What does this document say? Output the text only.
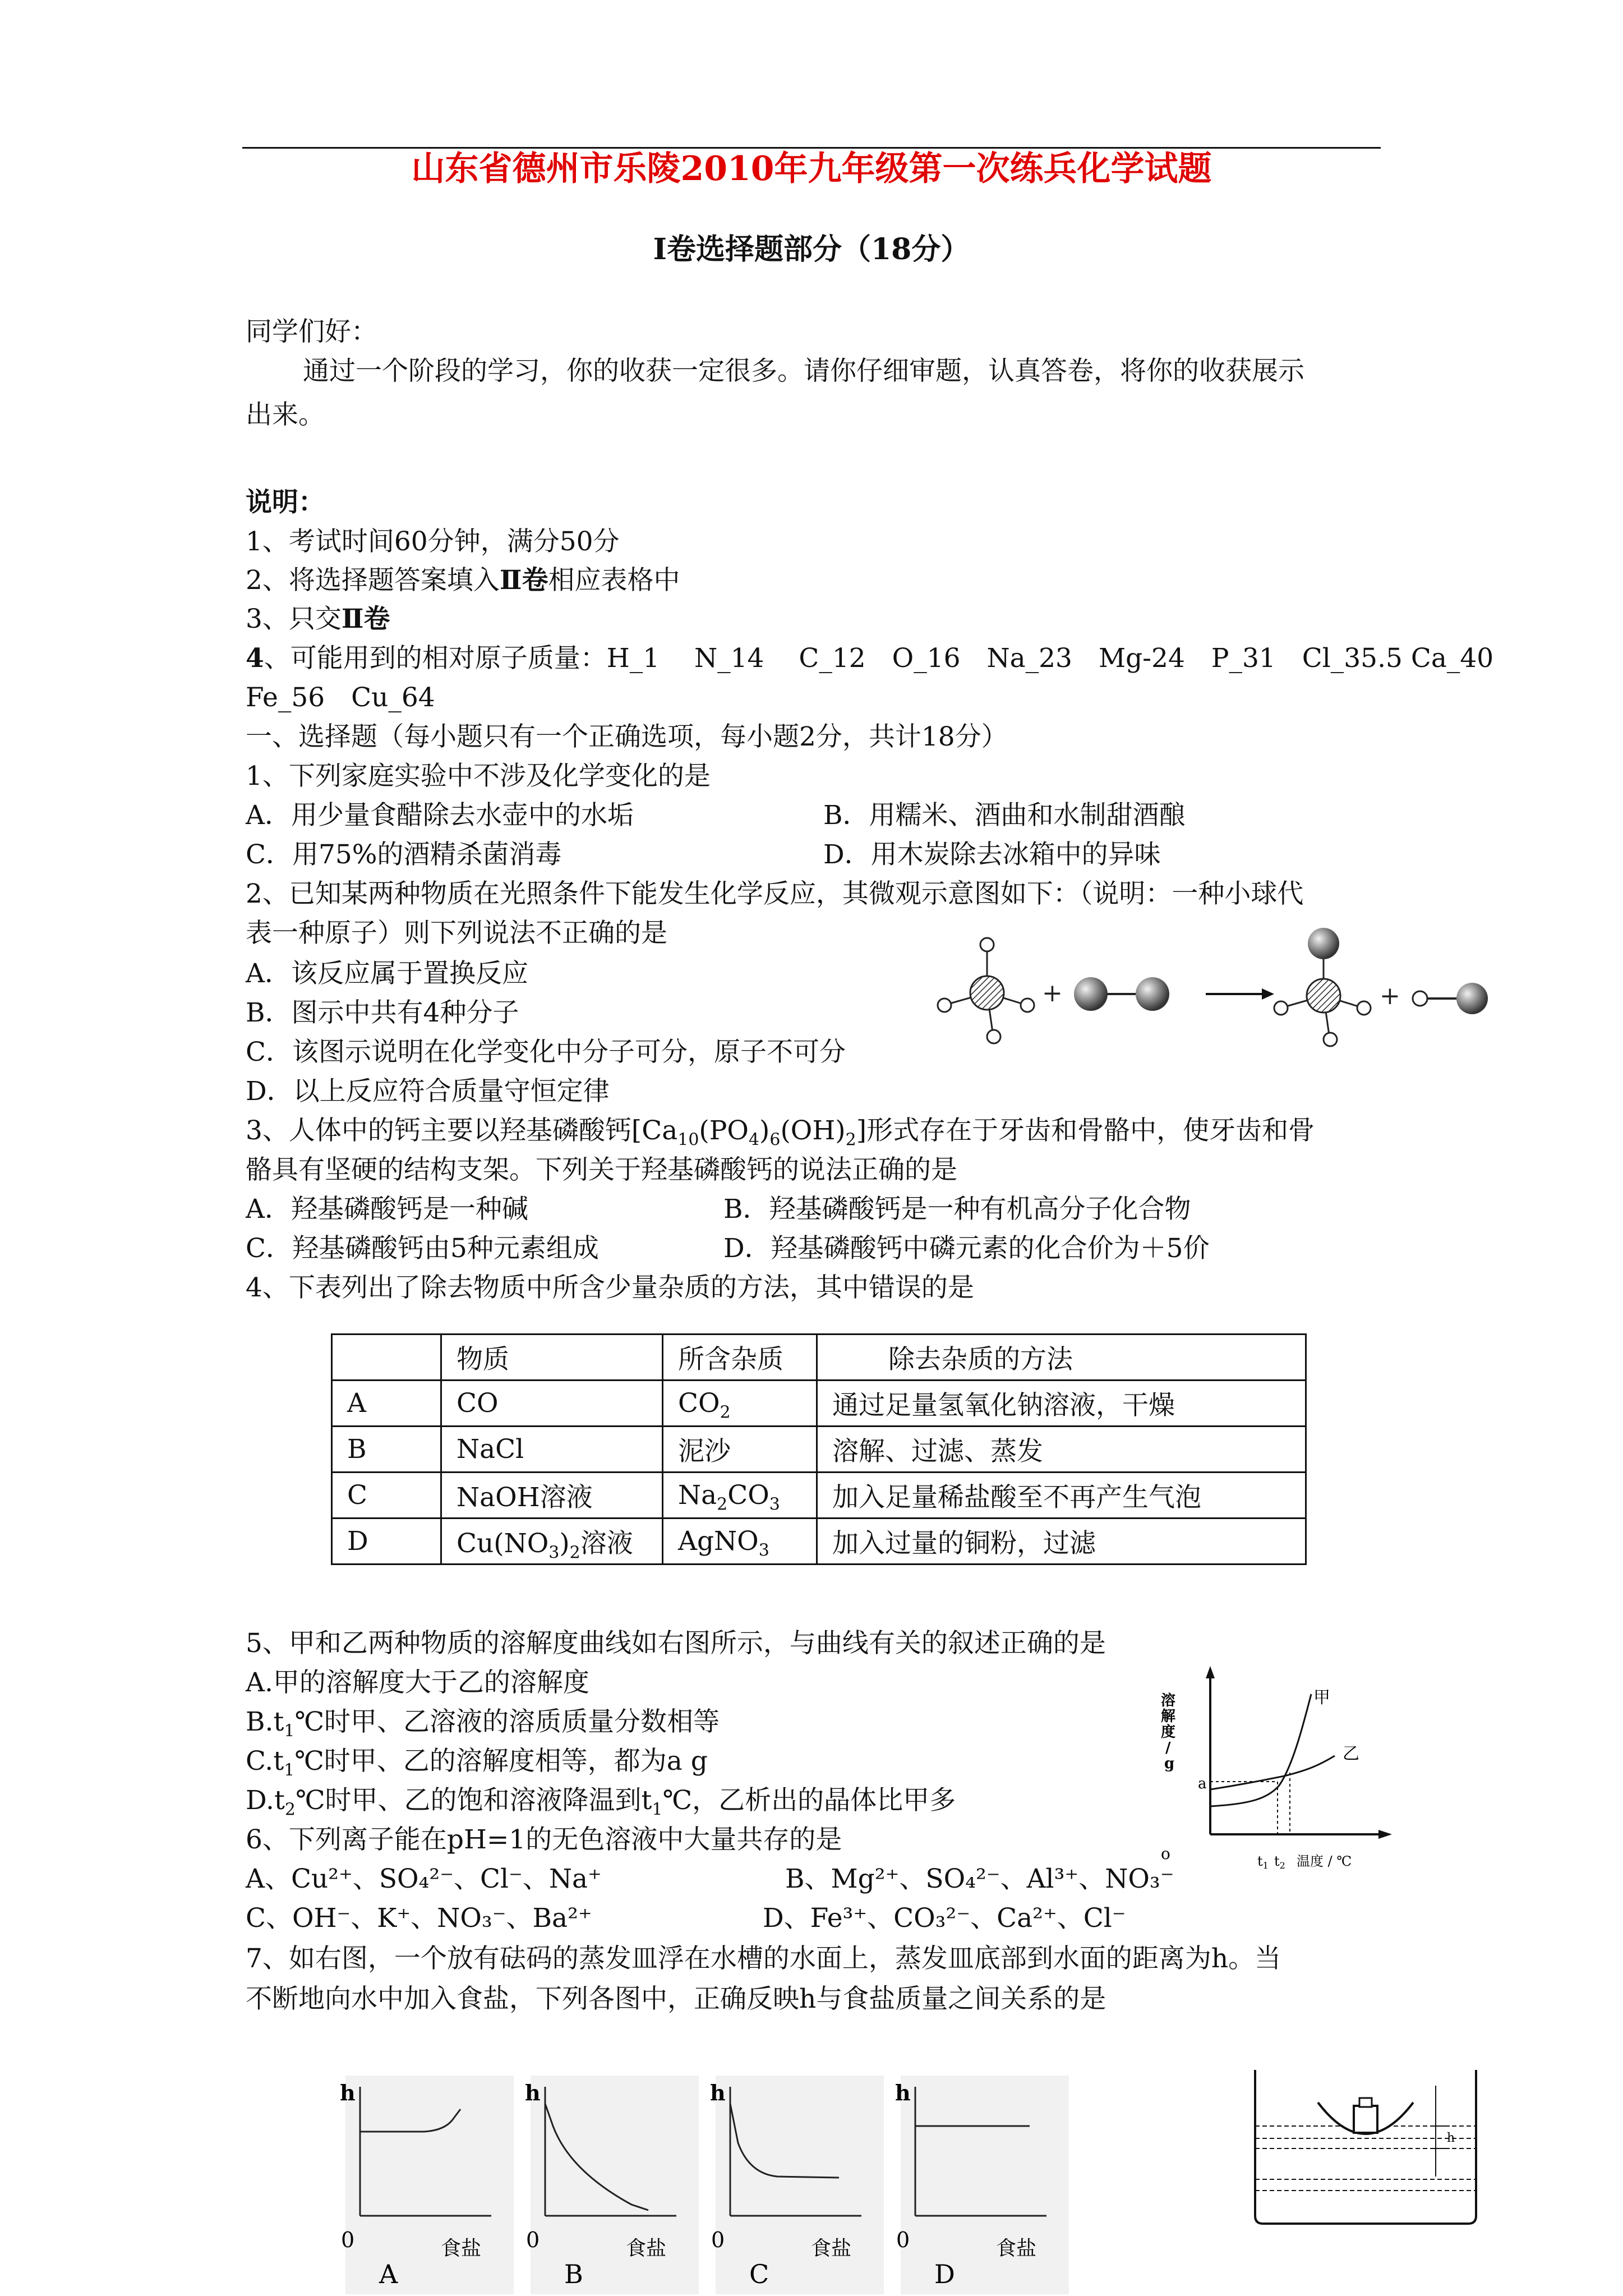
山东省德州市乐陵2010年九年级第一次练兵化学试题
Ⅰ卷选择题部分（18分）
同学们好：
通过一个阶段的学习，你的收获一定很多。请你仔细审题，认真答卷，将你的收获展示
出来。
说明：
1、考试时间60分钟，满分50分
2、将选择题答案填入Ⅱ卷相应表格中
3、只交Ⅱ卷
4、可能用到的相对原子质量：H_1　 N_14　 C_12　O_16　Na_23　Mg-24　P_31　Cl_35.5 Ca_40
Fe_56　Cu_64
一、选择题（每小题只有一个正确选项，每小题2分，共计18分）
1、下列家庭实验中不涉及化学变化的是
A．用少量食醋除去水壶中的水垢	B．用糯米、酒曲和水制甜酒酿
C．用75%的酒精杀菌消毒	D．用木炭除去冰箱中的异味
2、已知某两种物质在光照条件下能发生化学反应，其微观示意图如下：（说明：一种小球代
表一种原子）则下列说法不正确的是
A．该反应属于置换反应
B．图示中共有4种分子
C．该图示说明在化学变化中分子可分，原子不可分
D．以上反应符合质量守恒定律
+	+
3、人体中的钙主要以羟基磷酸钙$[Ca_{10}(PO_4)_6(OH)_2]$形式存在于牙齿和骨骼中，使牙齿和骨
骼具有坚硬的结构支架。下列关于羟基磷酸钙的说法正确的是
A．羟基磷酸钙是一种碱	B．羟基磷酸钙是一种有机高分子化合物
C．羟基磷酸钙由5种元素组成	D．羟基磷酸钙中磷元素的化合价为＋5价
4、下表列出了除去物质中所含少量杂质的方法，其中错误的是
	物质	所含杂质	除去杂质的方法
A	CO	$CO_2$	通过足量氢氧化钠溶液，干燥
B	NaCl	泥沙	溶解、过滤、蒸发
C	NaOH溶液	$Na_2CO_3$	加入足量稀盐酸至不再产生气泡
D	$Cu(NO_3)_2$溶液	AgNO$_3$	加入过量的铜粉，过滤
5、甲和乙两种物质的溶解度曲线如右图所示，与曲线有关的叙述正确的是
A.甲的溶解度大于乙的溶解度
$B.t_1℃$时甲、乙溶液的溶质质量分数相等
$C.t_1℃$时甲、乙的溶解度相等，都为a g
$D.t_2℃$时甲、乙的饱和溶液降温到$t_1℃$，乙析出的晶体比甲多
溶
解
度
/
g
a
o	$t_1$ $t_2$ 温度 / ℃
甲
乙
6、下列离子能在pH=1的无色溶液中大量共存的是
A、Cu²⁺、SO₄²⁻、Cl⁻、Na⁺	B、Mg²⁺、SO₄²⁻、Al³⁺、NO₃⁻
C、OH⁻、K⁺、NO₃⁻、Ba²⁺	D、Fe³⁺、CO₃²⁻、Ca²⁺、Cl⁻
7、如右图，一个放有砝码的蒸发皿浮在水槽的水面上，蒸发皿底部到水面的距离为h。当
不断地向水中加入食盐，下列各图中，正确反映h与食盐质量之间关系的是
h
0	食盐
A
h
0	食盐
B
h
0	食盐
C
h
0	食盐
D
h
